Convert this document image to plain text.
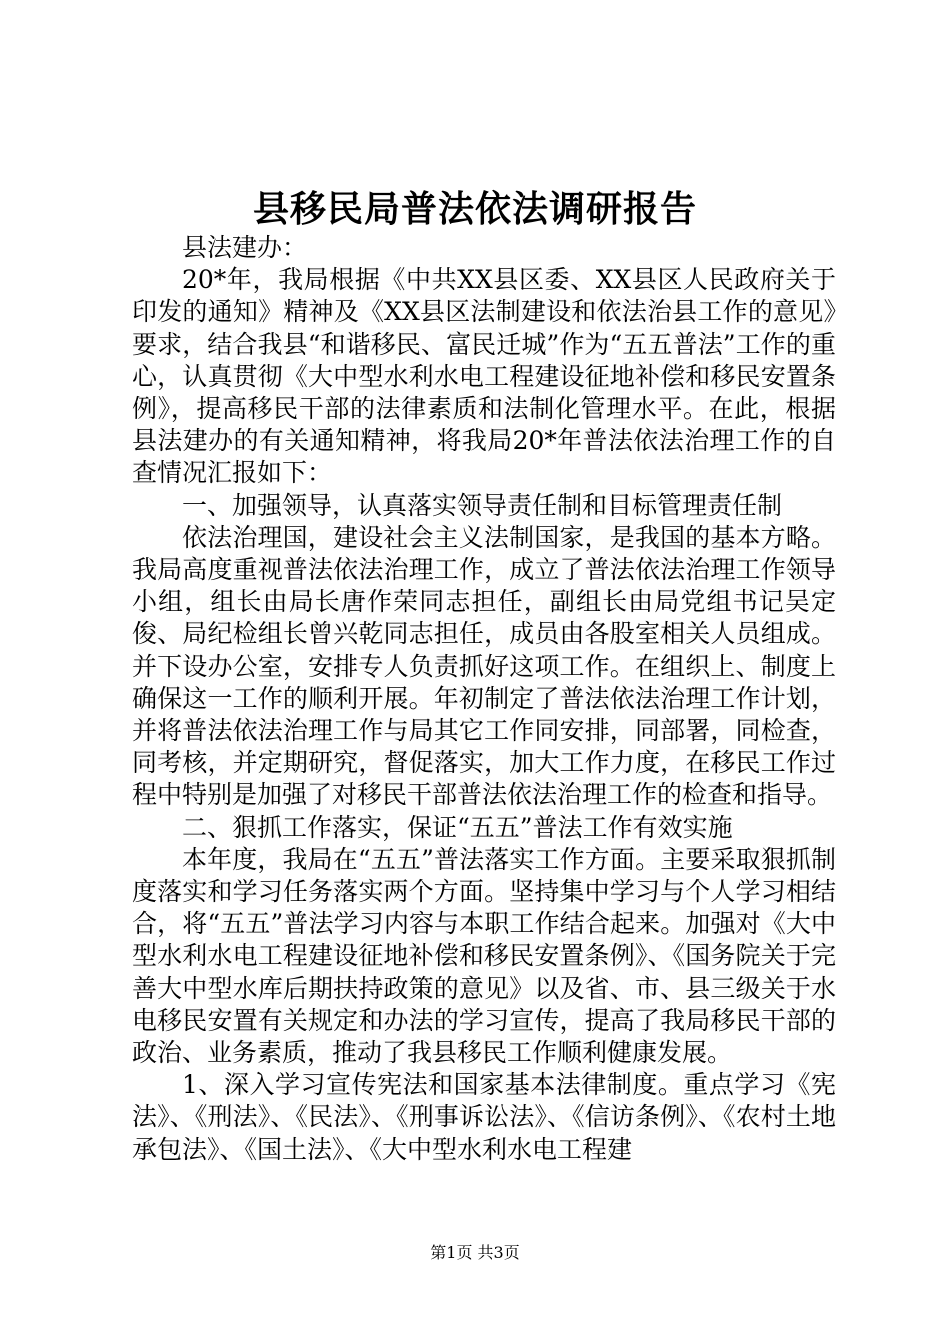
县移民局普法依法调研报告

县法建办：

20*年，我局根据《中共XX县区委、XX县区人民政府关于印发的通知》精神及《XX县区法制建设和依法治县工作的意见》要求，结合我县“和谐移民、富民迁城”作为“五五普法”工作的重心，认真贯彻《大中型水利水电工程建设征地补偿和移民安置条例》，提高移民干部的法律素质和法制化管理水平。在此，根据县法建办的有关通知精神，将我局20*年普法依法治理工作的自查情况汇报如下：

一、加强领导，认真落实领导责任制和目标管理责任制

依法治理国，建设社会主义法制国家，是我国的基本方略。我局高度重视普法依法治理工作，成立了普法依法治理工作领导小组，组长由局长唐作荣同志担任，副组长由局党组书记吴定俊、局纪检组长曾兴乾同志担任，成员由各股室相关人员组成。并下设办公室，安排专人负责抓好这项工作。在组织上、制度上确保这一工作的顺利开展。年初制定了普法依法治理工作计划，并将普法依法治理工作与局其它工作同安排，同部署，同检查，同考核，并定期研究，督促落实，加大工作力度，在移民工作过程中特别是加强了对移民干部普法依法治理工作的检查和指导。

二、狠抓工作落实，保证“五五”普法工作有效实施

本年度，我局在“五五”普法落实工作方面。主要采取狠抓制度落实和学习任务落实两个方面。坚持集中学习与个人学习相结合，将“五五”普法学习内容与本职工作结合起来。加强对《大中型水利水电工程建设征地补偿和移民安置条例》、《国务院关于完善大中型水库后期扶持政策的意见》以及省、市、县三级关于水电移民安置有关规定和办法的学习宣传，提高了我局移民干部的政治、业务素质，推动了我县移民工作顺利健康发展。

1、深入学习宣传宪法和国家基本法律制度。重点学习《宪法》、《刑法》、《民法》、《刑事诉讼法》、《信访条例》、《农村土地承包法》、《国土法》、《大中型水利水电工程建

第1页 共3页
